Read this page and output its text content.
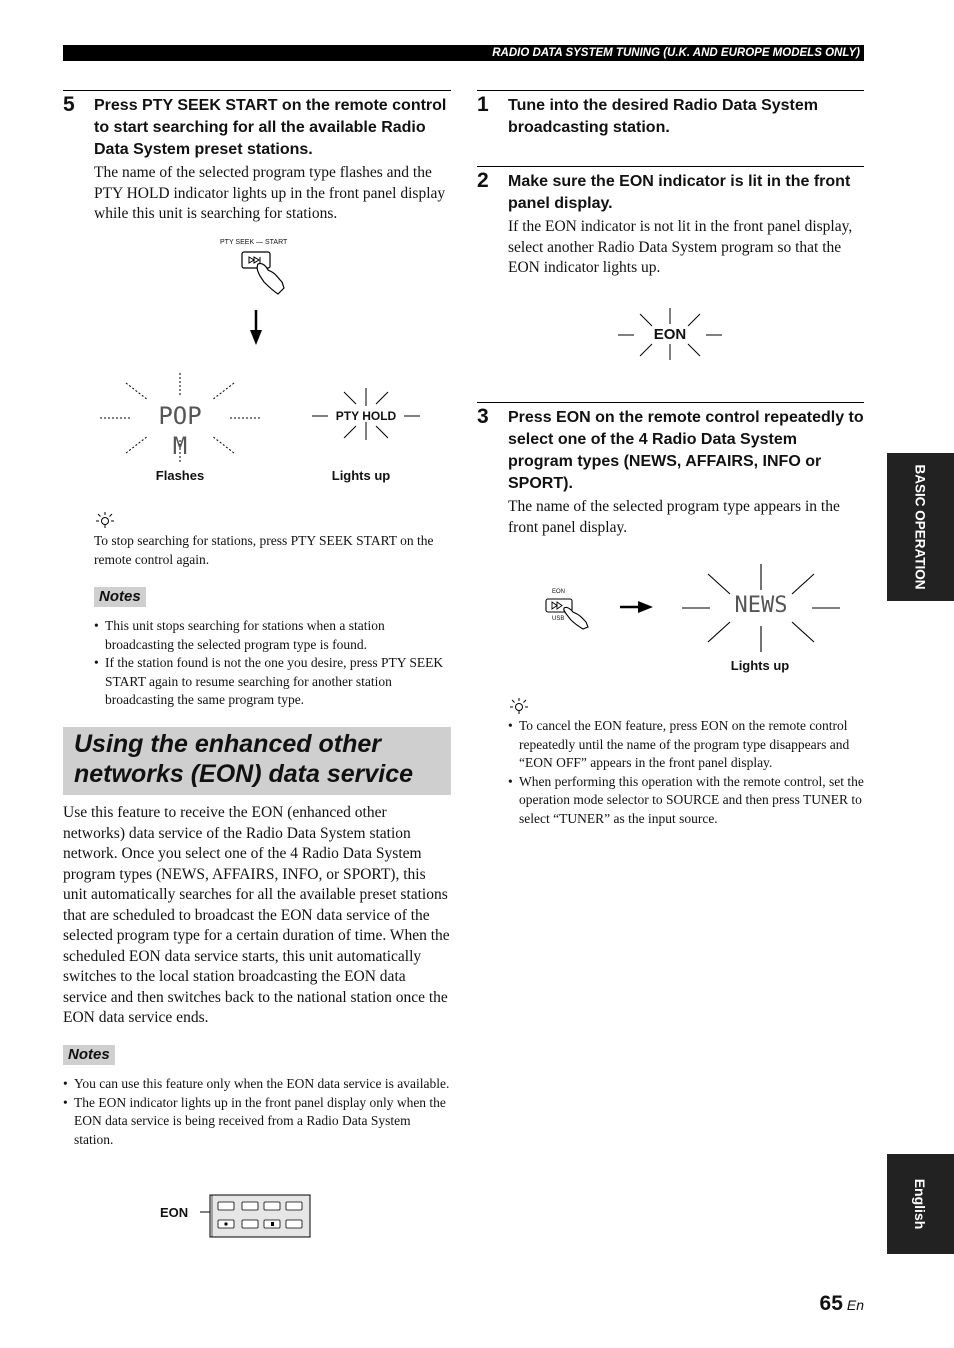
RADIO DATA SYSTEM TUNING (U.K. AND EUROPE MODELS ONLY)
5 Press PTY SEEK START on the remote control to start searching for all the available Radio Data System preset stations.
The name of the selected program type flashes and the PTY HOLD indicator lights up in the front panel display while this unit is searching for stations.
PTY SEEK — START
POP M
PTY HOLD
Flashes	Lights up
To stop searching for stations, press PTY SEEK START on the remote control again.
Notes
• This unit stops searching for stations when a station broadcasting the selected program type is found.
• If the station found is not the one you desire, press PTY SEEK START again to resume searching for another station broadcasting the same program type.
Using the enhanced other networks (EON) data service
Use this feature to receive the EON (enhanced other networks) data service of the Radio Data System station network. Once you select one of the 4 Radio Data System program types (NEWS, AFFAIRS, INFO, or SPORT), this unit automatically searches for all the available preset stations that are scheduled to broadcast the EON data service of the selected program type for a certain duration of time. When the scheduled EON data service starts, this unit automatically switches to the local station broadcasting the EON data service and then switches back to the national station once the EON data service ends.
Notes
• You can use this feature only when the EON data service is available.
• The EON indicator lights up in the front panel display only when the EON data service is being received from a Radio Data System station.
EON
1 Tune into the desired Radio Data System broadcasting station.
2 Make sure the EON indicator is lit in the front panel display.
If the EON indicator is not lit in the front panel display, select another Radio Data System program so that the EON indicator lights up.
EON
3 Press EON on the remote control repeatedly to select one of the 4 Radio Data System program types (NEWS, AFFAIRS, INFO or SPORT).
The name of the selected program type appears in the front panel display.
EON
USB
NEWS
Lights up
• To cancel the EON feature, press EON on the remote control repeatedly until the name of the program type disappears and “EON OFF” appears in the front panel display.
• When performing this operation with the remote control, set the operation mode selector to SOURCE and then press TUNER to select “TUNER” as the input source.
BASIC OPERATION
English
65 En
